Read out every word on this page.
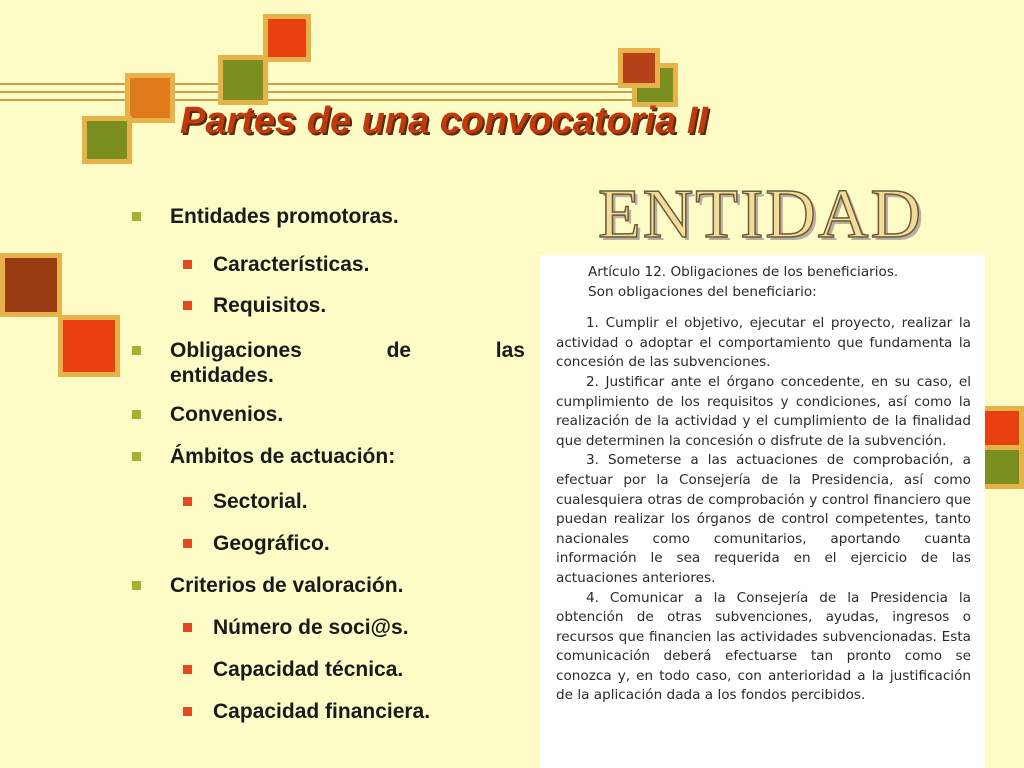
Partes de una convocatoria II
Entidades promotoras.
Características.
Requisitos.
Obligaciones	de	las
entidades.
Convenios.
Ámbitos de actuación:
Sectorial.
Geográfico.
Criterios de valoración.
Número de soci@s.
Capacidad técnica.
Capacidad financiera.
ENTIDAD
Artículo 12. Obligaciones de los beneficiarios.
Son obligaciones del beneficiario:
1. Cumplir el objetivo, ejecutar el proyecto, realizar la actividad o adoptar el comportamiento que fundamenta la concesión de las subvenciones.
2. Justificar ante el órgano concedente, en su caso, el cumplimiento de los requisitos y condiciones, así como la realización de la actividad y el cumplimiento de la finalidad que determinen la concesión o disfrute de la subvención.
3. Someterse a las actuaciones de comprobación, a efectuar por la Consejería de la Presidencia, así como cualesquiera otras de comprobación y control financiero que puedan realizar los órganos de control competentes, tanto nacionales como comunitarios, aportando cuanta información le sea requerida en el ejercicio de las actuaciones anteriores.
4. Comunicar a la Consejería de la Presidencia la obtención de otras subvenciones, ayudas, ingresos o recursos que financien las actividades subvencionadas. Esta comunicación deberá efectuarse tan pronto como se conozca y, en todo caso, con anterioridad a la justificación de la aplicación dada a los fondos percibidos.
